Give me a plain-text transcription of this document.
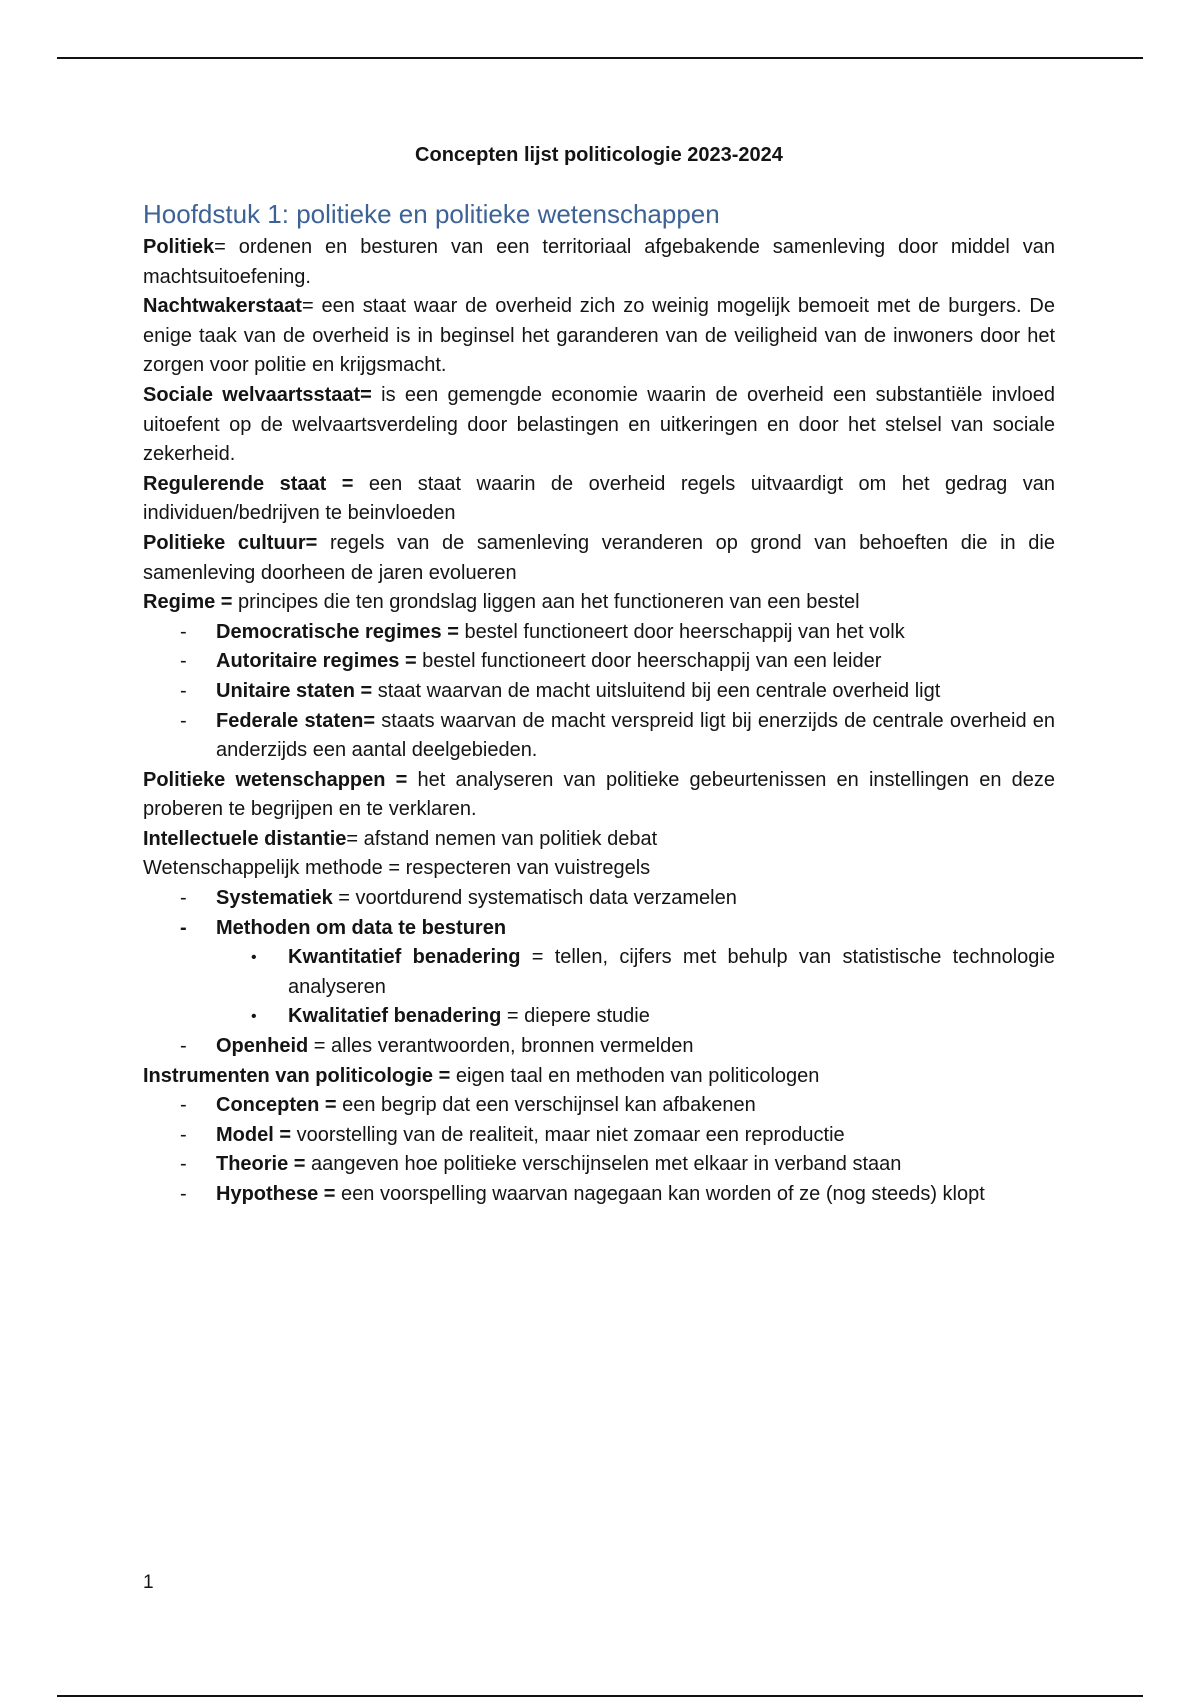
Concepten lijst politicologie 2023-2024
Hoofdstuk 1: politieke en politieke wetenschappen

Politiek= ordenen en besturen van een territoriaal afgebakende samenleving door middel van machtsuitoefening.

Nachtwakerstaat= een staat waar de overheid zich zo weinig mogelijk bemoeit met de burgers. De enige taak van de overheid is in beginsel het garanderen van de veiligheid van de inwoners door het zorgen voor politie en krijgsmacht.

Sociale welvaartsstaat= is een gemengde economie waarin de overheid een substantiële invloed uitoefent op de welvaartsverdeling door belastingen en uitkeringen en door het stelsel van sociale zekerheid.

Regulerende staat = een staat waarin de overheid regels uitvaardigt om het gedrag van individuen/bedrijven te beinvloeden

Politieke cultuur= regels van de samenleving veranderen op grond van behoeften die in die samenleving doorheen de jaren evolueren

Regime = principes die ten grondslag liggen aan het functioneren van een bestel

- Democratische regimes = bestel functioneert door heerschappij van het volk
- Autoritaire regimes = bestel functioneert door heerschappij van een leider
- Unitaire staten = staat waarvan de macht uitsluitend bij een centrale overheid ligt
- Federale staten= staats waarvan de macht verspreid ligt bij enerzijds de centrale overheid en anderzijds een aantal deelgebieden.

Politieke wetenschappen = het analyseren van politieke gebeurtenissen en instellingen en deze proberen te begrijpen en te verklaren.

Intellectuele distantie= afstand nemen van politiek debat

Wetenschappelijk methode = respecteren van vuistregels

- Systematiek = voortdurend systematisch data verzamelen
- Methoden om data te besturen
• Kwantitatief benadering = tellen, cijfers met behulp van statistische technologie analyseren
• Kwalitatief benadering = diepere studie
- Openheid = alles verantwoorden, bronnen vermelden

Instrumenten van politicologie = eigen taal en methoden van politicologen

- Concepten = een begrip dat een verschijnsel kan afbakenen
- Model = voorstelling van de realiteit, maar niet zomaar een reproductie
- Theorie = aangeven hoe politieke verschijnselen met elkaar in verband staan
- Hypothese = een voorspelling waarvan nagegaan kan worden of ze (nog steeds) klopt
1
